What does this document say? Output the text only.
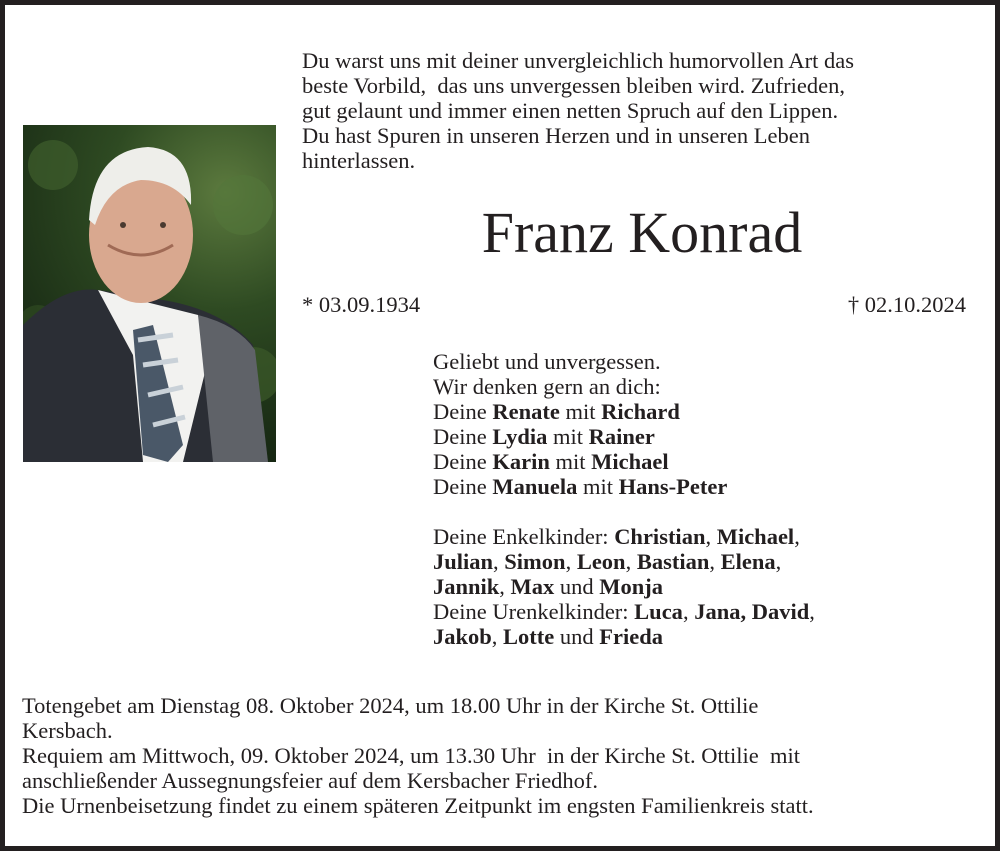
Du warst uns mit deiner unvergleichlich humorvollen Art das
beste Vorbild,  das uns unvergessen bleiben wird. Zufrieden,
gut gelaunt und immer einen netten Spruch auf den Lippen.
Du hast Spuren in unseren Herzen und in unseren Leben
hinterlassen.
Franz Konrad
* 03.09.1934	† 02.10.2024
Geliebt und unvergessen.
Wir denken gern an dich:
Deine Renate mit Richard
Deine Lydia mit Rainer
Deine Karin mit Michael
Deine Manuela mit Hans-Peter
Deine Enkelkinder: Christian, Michael,
Julian, Simon, Leon, Bastian, Elena,
Jannik, Max und Monja
Deine Urenkelkinder: Luca, Jana, David,
Jakob, Lotte und Frieda
Totengebet am Dienstag 08. Oktober 2024, um 18.00 Uhr in der Kirche St. Ottilie
Kersbach.
Requiem am Mittwoch, 09. Oktober 2024, um 13.30 Uhr  in der Kirche St. Ottilie  mit
anschließender Aussegnungsfeier auf dem Kersbacher Friedhof.
Die Urnenbeisetzung findet zu einem späteren Zeitpunkt im engsten Familienkreis statt.
